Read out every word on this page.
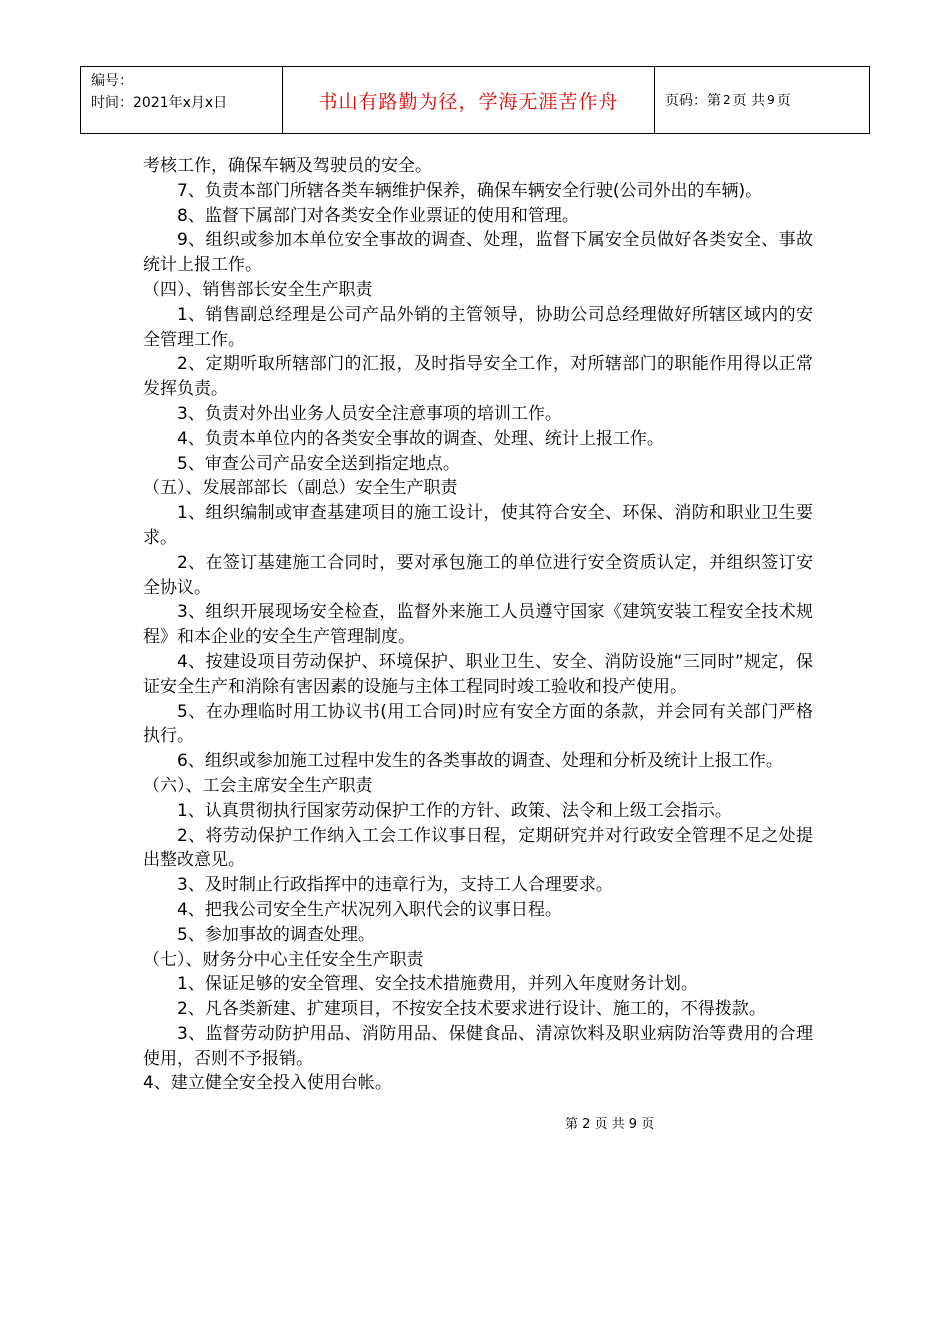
编号：
时间：2021年x月x日	书山有路勤为径，学海无涯苦作舟	页码：第 2 页 共 9 页

考核工作，确保车辆及驾驶员的安全。

7、负责本部门所辖各类车辆维护保养，确保车辆安全行驶(公司外出的车辆)。

8、监督下属部门对各类安全作业票证的使用和管理。

9、组织或参加本单位安全事故的调查、处理，监督下属安全员做好各类安全、事故统计上报工作。

（四）、销售部长安全生产职责

1、销售副总经理是公司产品外销的主管领导，协助公司总经理做好所辖区域内的安全管理工作。

2、定期听取所辖部门的汇报，及时指导安全工作，对所辖部门的职能作用得以正常发挥负责。

3、负责对外出业务人员安全注意事项的培训工作。

4、负责本单位内的各类安全事故的调查、处理、统计上报工作。

5、审查公司产品安全送到指定地点。

（五）、发展部部长（副总）安全生产职责

1、组织编制或审查基建项目的施工设计，使其符合安全、环保、消防和职业卫生要求。

2、在签订基建施工合同时，要对承包施工的单位进行安全资质认定，并组织签订安全协议。

3、组织开展现场安全检查，监督外来施工人员遵守国家《建筑安装工程安全技术规程》和本企业的安全生产管理制度。

4、按建设项目劳动保护、环境保护、职业卫生、安全、消防设施“三同时”规定，保证安全生产和消除有害因素的设施与主体工程同时竣工验收和投产使用。

5、在办理临时用工协议书(用工合同)时应有安全方面的条款，并会同有关部门严格执行。

6、组织或参加施工过程中发生的各类事故的调查、处理和分析及统计上报工作。

（六）、工会主席安全生产职责

1、认真贯彻执行国家劳动保护工作的方针、政策、法令和上级工会指示。

2、将劳动保护工作纳入工会工作议事日程，定期研究并对行政安全管理不足之处提出整改意见。

3、及时制止行政指挥中的违章行为，支持工人合理要求。

4、把我公司安全生产状况列入职代会的议事日程。

5、参加事故的调查处理。

（七）、财务分中心主任安全生产职责

1、保证足够的安全管理、安全技术措施费用，并列入年度财务计划。

2、凡各类新建、扩建项目，不按安全技术要求进行设计、施工的，不得拨款。

3、监督劳动防护用品、消防用品、保健食品、清凉饮料及职业病防治等费用的合理使用，否则不予报销。

4、建立健全安全投入使用台帐。

第 2 页 共 9 页
